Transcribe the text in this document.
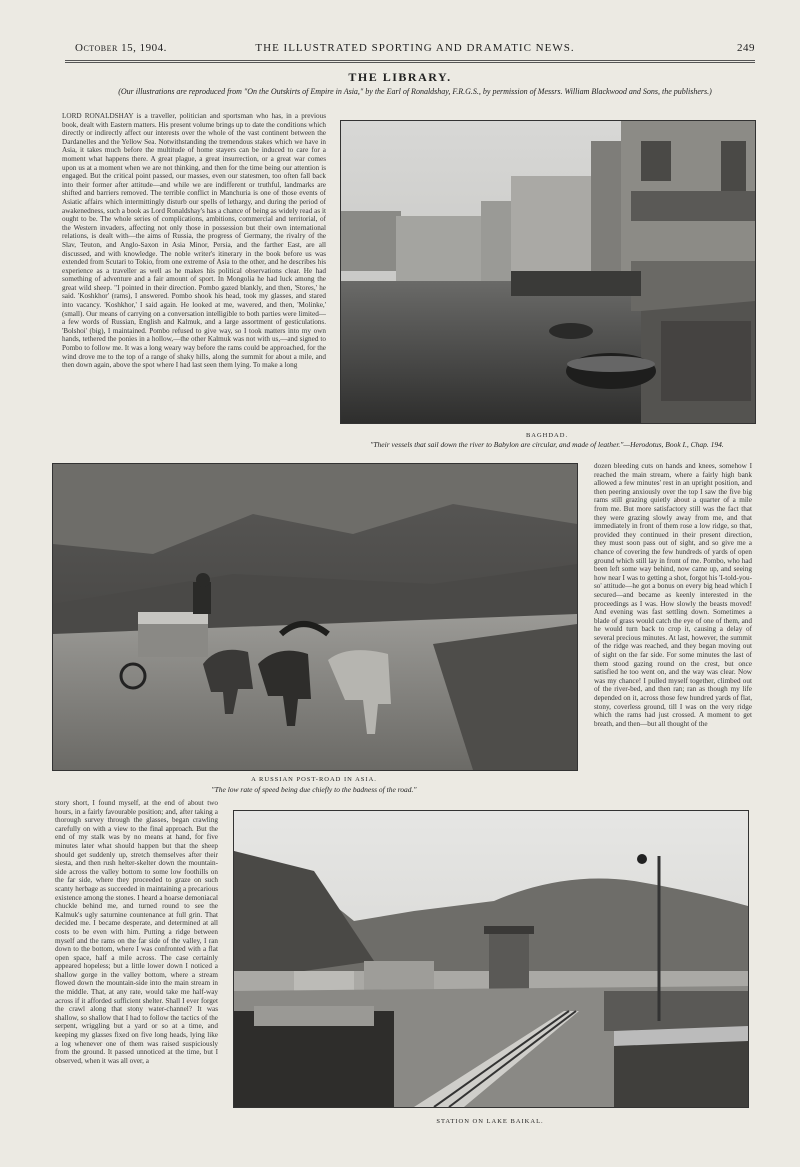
October 15, 1904.	THE ILLUSTRATED SPORTING AND DRAMATIC NEWS.	249
THE LIBRARY.
(Our illustrations are reproduced from "On the Outskirts of Empire in Asia," by the Earl of Ronaldshay, F.R.G.S., by permission of Messrs. William Blackwood and Sons, the publishers.)

LORD RONALDSHAY is a traveller, politician and sportsman who has, in a previous book, dealt with Eastern matters. His present volume brings up to date the conditions which directly or indirectly affect our interests over the whole of the vast continent between the Dardanelles and the Yellow Sea. Notwithstanding the tremendous stakes which we have in Asia, it takes much before the multitude of home stayers can be induced to care for a moment what happens there. A great plague, a great insurrection, or a great war comes upon us at a moment when we are not thinking, and then for the time being our attention is engaged. But the critical point passed, our masses, even our statesmen, too often fall back into their former after attitude—and while we are indifferent or truthful, landmarks are shifted and barriers removed. The terrible conflict in Manchuria is one of those events of Asiatic affairs which intermittingly disturb our spells of lethargy, and during the period of awakenedness, such a book as Lord Ronaldshay's has a chance of being as widely read as it ought to be. The whole series of complications, ambitions, commercial and territorial, of the Western invaders, affecting not only those in possession but their own international relations, is dealt with—the aims of Russia, the progress of Germany, the rivalry of the Slav, Teuton, and Anglo-Saxon in Asia Minor, Persia, and the farther East, are all discussed, and with knowledge. The noble writer's itinerary in the book before us was extended from Scutari to Tokio, from one extreme of Asia to the other, and he describes his experience as a traveller as well as he makes his political observations clear. He had something of adventure and a fair amount of sport. In Mongolia he had luck among the great wild sheep. "I pointed in their direction. Pombo gazed blankly, and then, 'Stores,' he said. 'Koshkhor' (rams), I answered. Pombo shook his head, took my glasses, and stared into vacancy. 'Koshkhor,' I said again. He looked at me, wavered, and then, 'Molinke,' (small). Our means of carrying on a conversation intelligible to both parties were limited—a few words of Russian, English and Kalmuk, and a large assortment of gesticulations. 'Bolshoi' (big), I maintained. Pombo refused to give way, so I took matters into my own hands, tethered the ponies in a hollow,—the other Kalmuk was not with us,—and signed to Pombo to follow me. It was a long weary way before the rams could be approached, for the wind drove me to the top of a range of shaky hills, along the summit for about a mile, and then down again, above the spot where I had last seen them lying. To make a long

BAGHDAD.
"Their vessels that sail down the river to Babylon are circular, and made of leather."—Herodotus, Book I., Chap. 194.
A RUSSIAN POST-ROAD IN ASIA.
"The low rate of speed being due chiefly to the badness of the road."

dozen bleeding cuts on hands and knees, somehow I reached the main stream, where a fairly high bank allowed a few minutes' rest in an upright position, and then peering anxiously over the top I saw the five big rams still grazing quietly about a quarter of a mile from me. But more satisfactory still was the fact that they were grazing slowly away from me, and that immediately in front of them rose a low ridge, so that, provided they continued in their present direction, they must soon pass out of sight, and so give me a chance of covering the few hundreds of yards of open ground which still lay in front of me. Pombo, who had been left some way behind, now came up, and seeing how near I was to getting a shot, forgot his 'I-told-you-so' attitude—he got a bonus on every big head which I secured—and became as keenly interested in the proceedings as I was. How slowly the beasts moved! And evening was fast settling down. Sometimes a blade of grass would catch the eye of one of them, and he would turn back to crop it, causing a delay of several precious minutes. At last, however, the summit of the ridge was reached, and they began moving out of sight on the far side. For some minutes the last of them stood gazing round on the crest, but once satisfied he too went on, and the way was clear. Now was my chance! I pulled myself together, climbed out of the river-bed, and then ran; ran as though my life depended on it, across those few hundred yards of flat, stony, coverless ground, till I was on the very ridge which the rams had just crossed. A moment to get breath, and then—but all thought of the

story short, I found myself, at the end of about two hours, in a fairly favourable position; and, after taking a thorough survey through the glasses, began crawling carefully on with a view to the final approach. But the end of my stalk was by no means at hand, for five minutes later what should happen but that the sheep should get suddenly up, stretch themselves after their siesta, and then rush helter-skelter down the mountain-side across the valley bottom to some low foothills on the far side, where they proceeded to graze on such scanty herbage as succeeded in maintaining a precarious existence among the stones. I heard a hoarse demoniacal chuckle behind me, and turned round to see the Kalmuk's ugly saturnine countenance at full grin. That decided me. I became desperate, and determined at all costs to be even with him. Putting a ridge between myself and the rams on the far side of the valley, I ran down to the bottom, where I was confronted with a flat open space, half a mile across. The case certainly appeared hopeless; but a little lower down I noticed a shallow gorge in the valley bottom, where a stream flowed down the mountain-side into the main stream in the middle. That, at any rate, would take me half-way across if it afforded sufficient shelter. Shall I ever forget the crawl along that stony water-channel? It was shallow, so shallow that I had to follow the tactics of the serpent, wriggling but a yard or so at a time, and keeping my glasses fixed on five long heads, lying like a log whenever one of them was raised suspiciously from the ground. It passed unnoticed at the time, but I observed, when it was all over, a

STATION ON LAKE BAIKAL.
